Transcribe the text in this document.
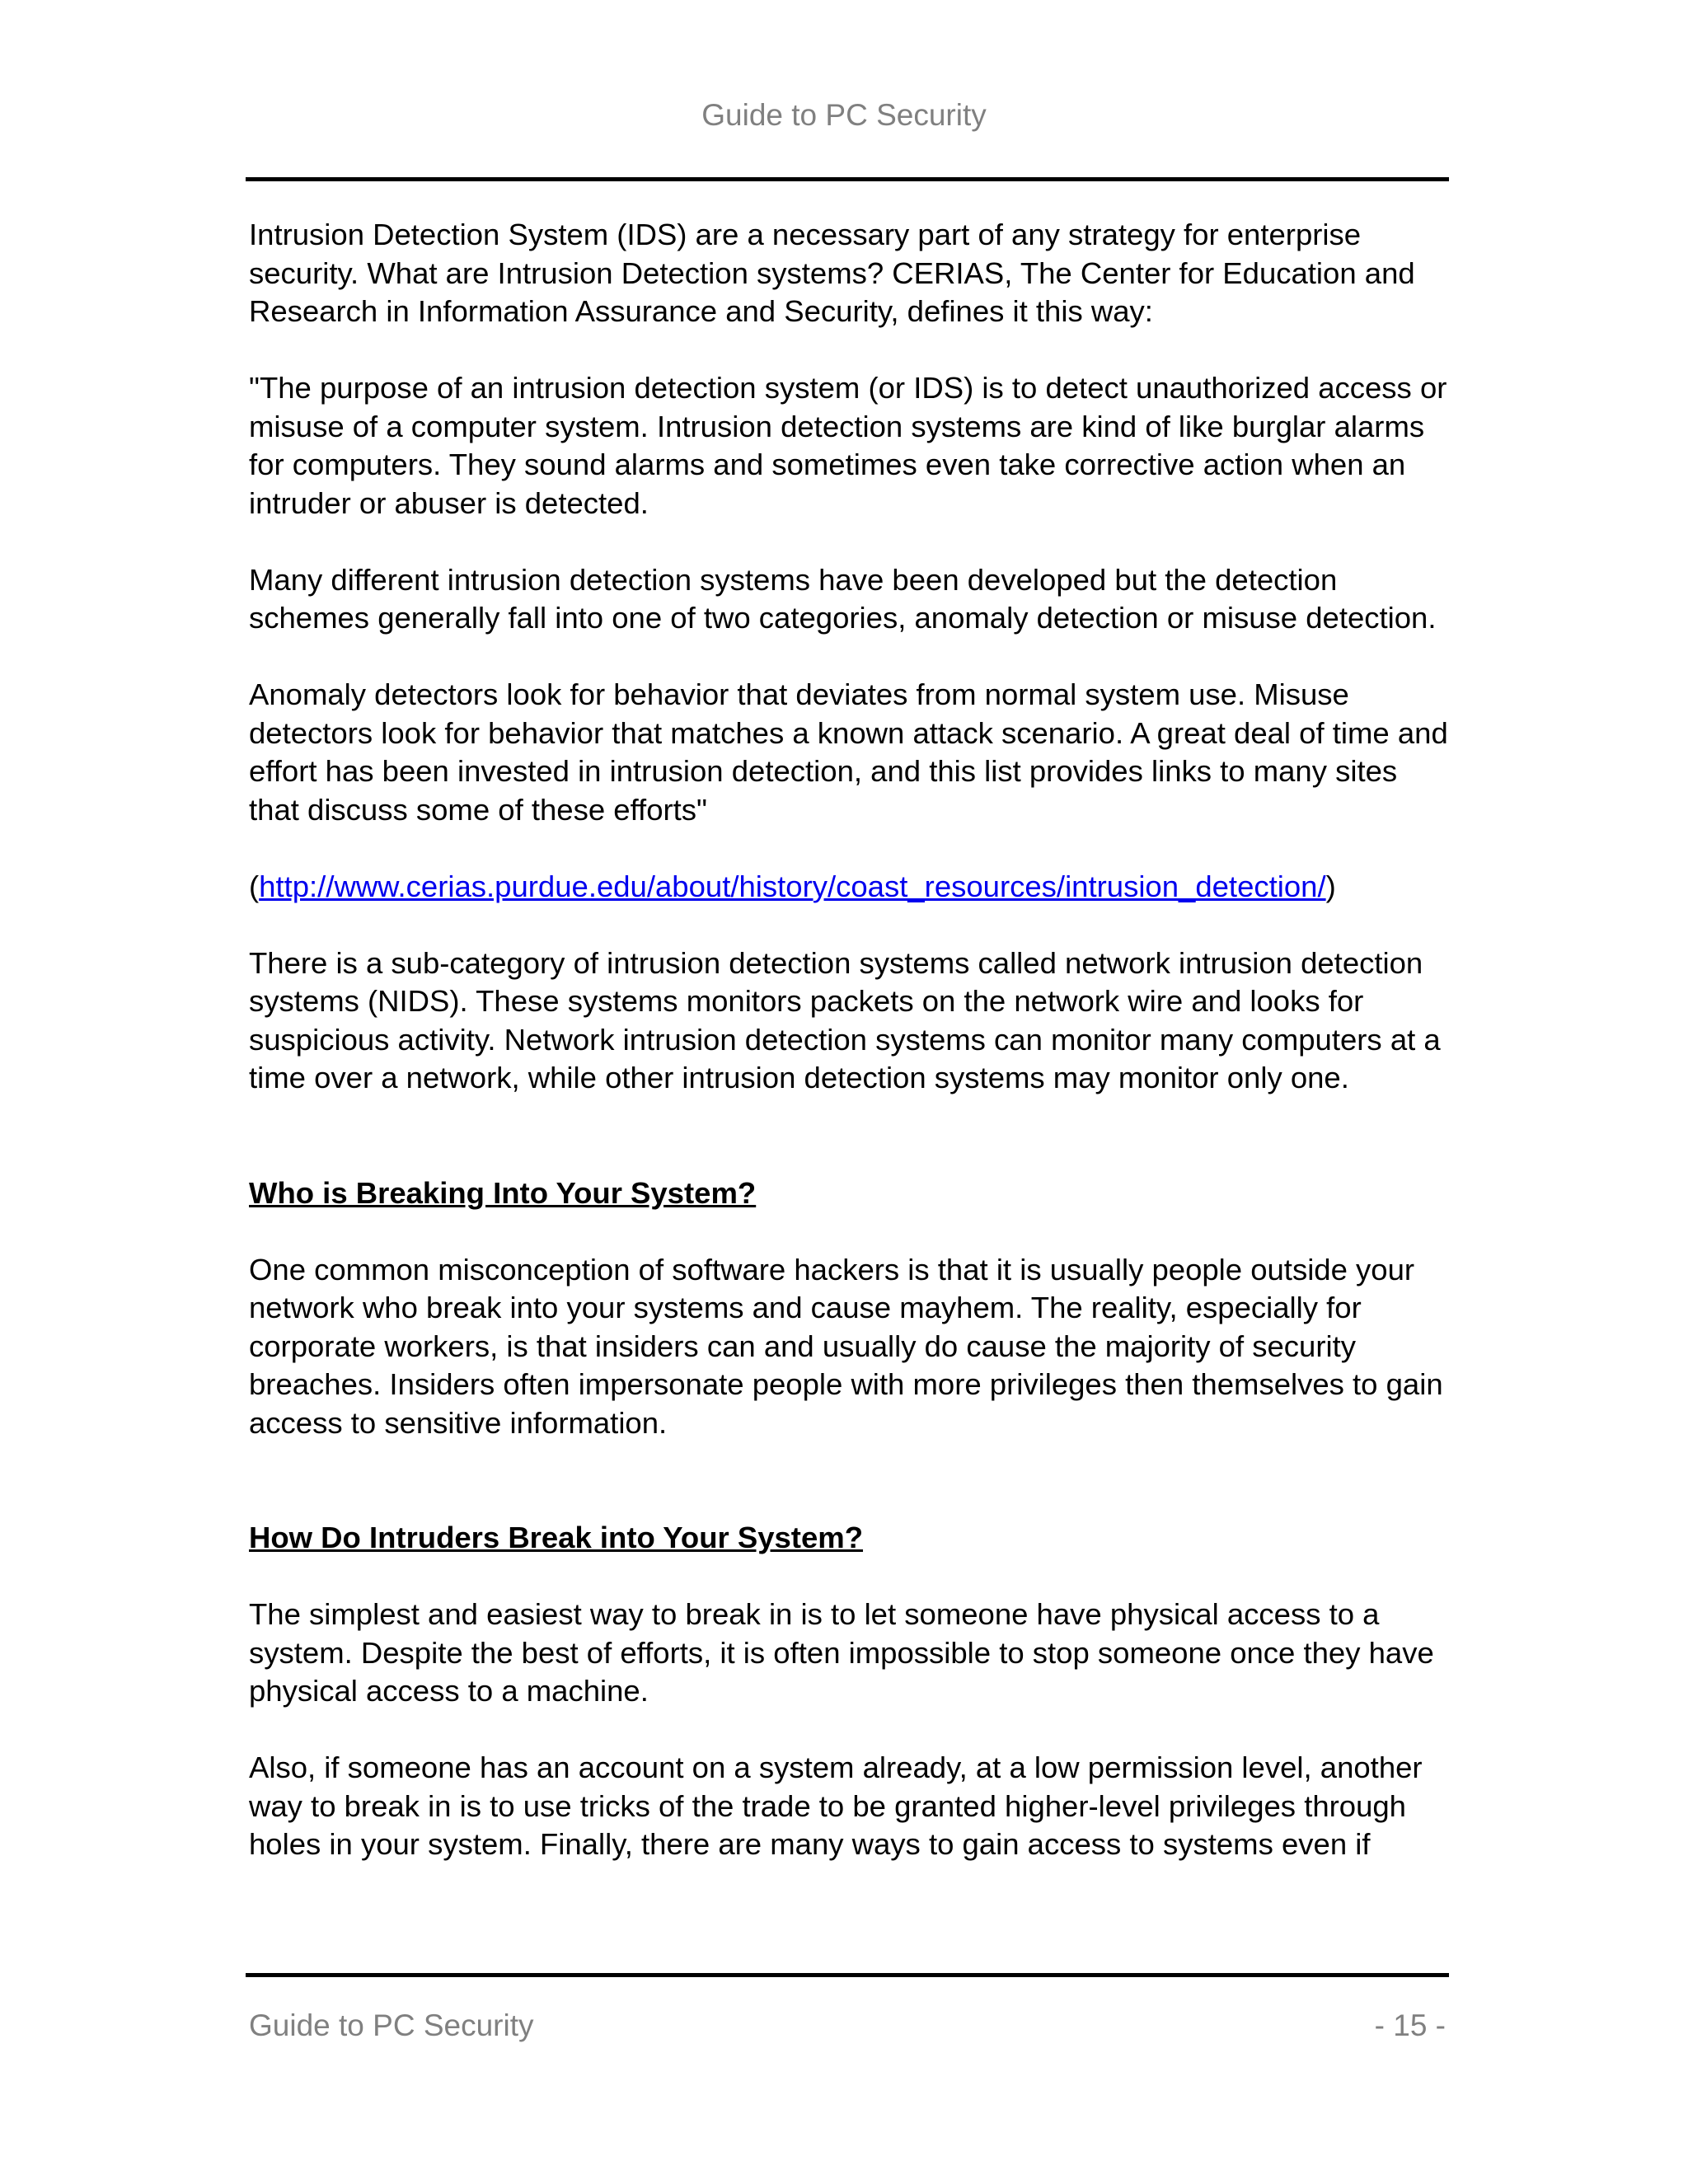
Guide to PC Security

Intrusion Detection System (IDS) are a necessary part of any strategy for enterprise security. What are Intrusion Detection systems? CERIAS, The Center for Education and Research in Information Assurance and Security, defines it this way:

"The purpose of an intrusion detection system (or IDS) is to detect unauthorized access or misuse of a computer system. Intrusion detection systems are kind of like burglar alarms for computers. They sound alarms and sometimes even take corrective action when an intruder or abuser is detected.

Many different intrusion detection systems have been developed but the detection schemes generally fall into one of two categories, anomaly detection or misuse detection.

Anomaly detectors look for behavior that deviates from normal system use. Misuse detectors look for behavior that matches a known attack scenario. A great deal of time and effort has been invested in intrusion detection, and this list provides links to many sites that discuss some of these efforts"

(http://www.cerias.purdue.edu/about/history/coast_resources/intrusion_detection/)

There is a sub-category of intrusion detection systems called network intrusion detection systems (NIDS). These systems monitors packets on the network wire and looks for suspicious activity. Network intrusion detection systems can monitor many computers at a time over a network, while other intrusion detection systems may monitor only one.

Who is Breaking Into Your System?

One common misconception of software hackers is that it is usually people outside your network who break into your systems and cause mayhem. The reality, especially for corporate workers, is that insiders can and usually do cause the majority of security breaches. Insiders often impersonate people with more privileges then themselves to gain access to sensitive information.

How Do Intruders Break into Your System?

The simplest and easiest way to break in is to let someone have physical access to a system. Despite the best of efforts, it is often impossible to stop someone once they have physical access to a machine.

Also, if someone has an account on a system already, at a low permission level, another way to break in is to use tricks of the trade to be granted higher-level privileges through holes in your system. Finally, there are many ways to gain access to systems even if

Guide to PC Security	- 15 -
